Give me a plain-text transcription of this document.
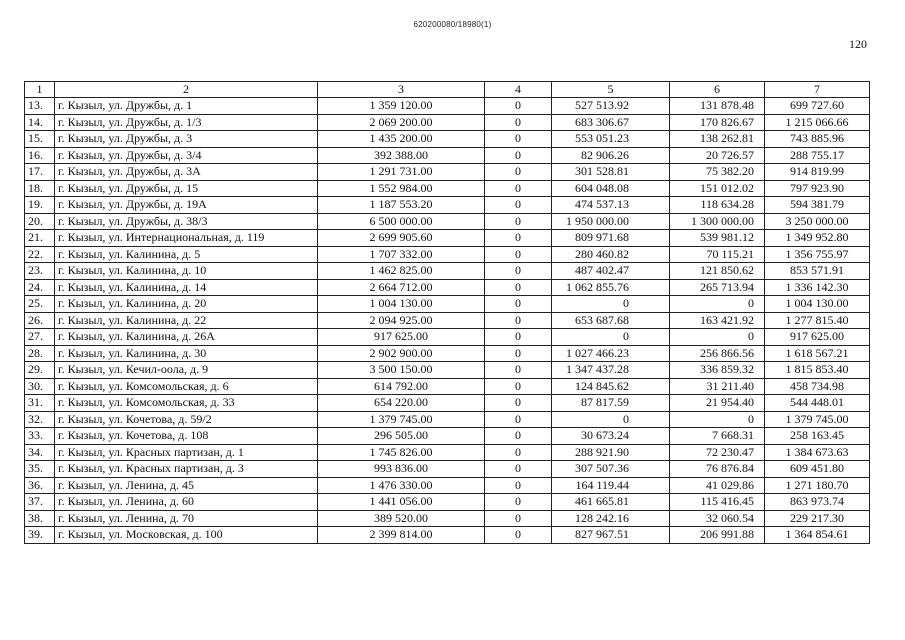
620200080/18980(1)
120
1	2	3	4	5	6	7
13.	г. Кызыл, ул. Дружбы, д. 1	1 359 120.00	0	527 513.92	131 878.48	699 727.60
14.	г. Кызыл, ул. Дружбы, д. 1/3	2 069 200.00	0	683 306.67	170 826.67	1 215 066.66
15.	г. Кызыл, ул. Дружбы, д. 3	1 435 200.00	0	553 051.23	138 262.81	743 885.96
16.	г. Кызыл, ул. Дружбы, д. 3/4	392 388.00	0	82 906.26	20 726.57	288 755.17
17.	г. Кызыл, ул. Дружбы, д. 3А	1 291 731.00	0	301 528.81	75 382.20	914 819.99
18.	г. Кызыл, ул. Дружбы, д. 15	1 552 984.00	0	604 048.08	151 012.02	797 923.90
19.	г. Кызыл, ул. Дружбы, д. 19А	1 187 553.20	0	474 537.13	118 634.28	594 381.79
20.	г. Кызыл, ул. Дружбы, д. 38/3	6 500 000.00	0	1 950 000.00	1 300 000.00	3 250 000.00
21.	г. Кызыл, ул. Интернациональная, д. 119	2 699 905.60	0	809 971.68	539 981.12	1 349 952.80
22.	г. Кызыл, ул. Калинина, д. 5	1 707 332.00	0	280 460.82	70 115.21	1 356 755.97
23.	г. Кызыл, ул. Калинина, д. 10	1 462 825.00	0	487 402.47	121 850.62	853 571.91
24.	г. Кызыл, ул. Калинина, д. 14	2 664 712.00	0	1 062 855.76	265 713.94	1 336 142.30
25.	г. Кызыл, ул. Калинина, д. 20	1 004 130.00	0	0	0	1 004 130.00
26.	г. Кызыл, ул. Калинина, д. 22	2 094 925.00	0	653 687.68	163 421.92	1 277 815.40
27.	г. Кызыл, ул. Калинина, д. 26А	917 625.00	0	0	0	917 625.00
28.	г. Кызыл, ул. Калинина, д. 30	2 902 900.00	0	1 027 466.23	256 866.56	1 618 567.21
29.	г. Кызыл, ул. Кечил-оола, д. 9	3 500 150.00	0	1 347 437.28	336 859.32	1 815 853.40
30.	г. Кызыл, ул. Комсомольская, д. 6	614 792.00	0	124 845.62	31 211.40	458 734.98
31.	г. Кызыл, ул. Комсомольская, д. 33	654 220.00	0	87 817.59	21 954.40	544 448.01
32.	г. Кызыл, ул. Кочетова, д. 59/2	1 379 745.00	0	0	0	1 379 745.00
33.	г. Кызыл, ул. Кочетова, д. 108	296 505.00	0	30 673.24	7 668.31	258 163.45
34.	г. Кызыл, ул. Красных партизан, д. 1	1 745 826.00	0	288 921.90	72 230.47	1 384 673.63
35.	г. Кызыл, ул. Красных партизан, д. 3	993 836.00	0	307 507.36	76 876.84	609 451.80
36.	г. Кызыл, ул. Ленина, д. 45	1 476 330.00	0	164 119.44	41 029.86	1 271 180.70
37.	г. Кызыл, ул. Ленина, д. 60	1 441 056.00	0	461 665.81	115 416.45	863 973.74
38.	г. Кызыл, ул. Ленина, д. 70	389 520.00	0	128 242.16	32 060.54	229 217.30
39.	г. Кызыл, ул. Московская, д. 100	2 399 814.00	0	827 967.51	206 991.88	1 364 854.61
